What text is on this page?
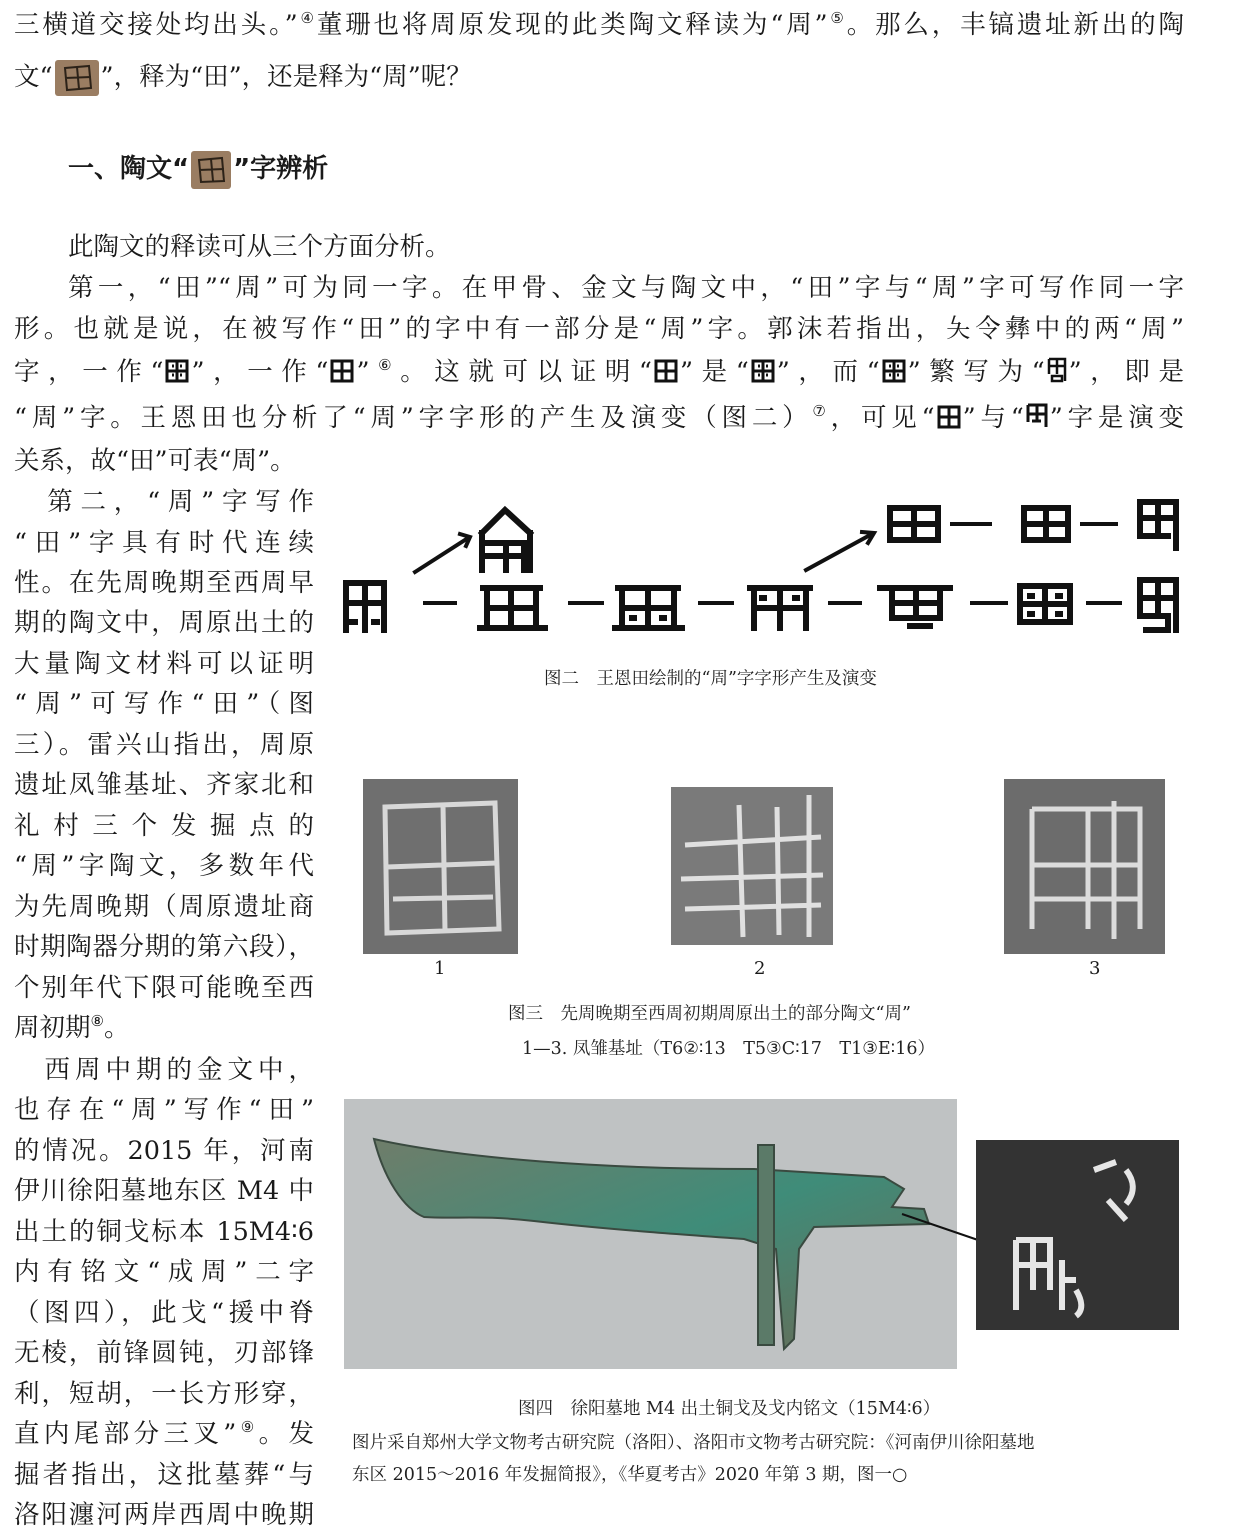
三横道交接处均出头。”④董珊也将周原发现的此类陶文释读为“周”⑤。那么，丰镐遗址新出的陶
文“ ”，释为“田”，还是释为“周”呢？
一、陶文“ ”字辨析
此陶文的释读可从三个方面分析。
第一，“田”“周”可为同一字。在甲骨、金文与陶文中，“田”字与“周”字可写作同一字
形。也就是说，在被写作“田”的字中有一部分是“周”字。郭沫若指出，夨令彝中的两“周”
字，一作“ ”，一作“ ”⑥。这就可以证明“ ”是“ ”，而“ ”繁写为“ ”，即是
“周”字。王恩田也分析了“周”字字形的产生及演变（图二）⑦，可见“ ”与“ ”字是演变
关系，故“田”可表“周”。
　第二，“周”字写作
“田”字具有时代连续
性。在先周晚期至西周早
期的陶文中，周原出土的
大量陶文材料可以证明
“周”可写作“田”（图
三）。雷兴山指出，周原
遗址凤雏基址、齐家北和
礼村三个发掘点的
“周”字陶文，多数年代
为先周晚期（周原遗址商
时期陶器分期的第六段），
个别年代下限可能晚至西
周初期⑧。
　西周中期的金文中，
也存在“周”写作“田”
的情况。2015 年，河南
伊川徐阳墓地东区 M4 中
出土的铜戈标本 15M4∶6
内有铭文“成周”二字
（图四），此戈“援中脊
无棱，前锋圆钝，刃部锋
利，短胡，一长方形穿，
直内尾部分三叉”⑨。发
掘者指出，这批墓葬“与
洛阳瀍河两岸西周中晚期
图二　王恩田绘制的“周”字字形产生及演变
1	2	3
图三　先周晚期至西周初期周原出土的部分陶文“周”
1—3. 凤雏基址（T6②∶13　T5③C∶17　T1③E∶16）
图四　徐阳墓地 M4 出土铜戈及戈内铭文（15M4∶6）
图片采自郑州大学文物考古研究院（洛阳）、洛阳市文物考古研究院：《河南伊川徐阳墓地
东区 2015～2016 年发掘简报》，《华夏考古》2020 年第 3 期，图一○
